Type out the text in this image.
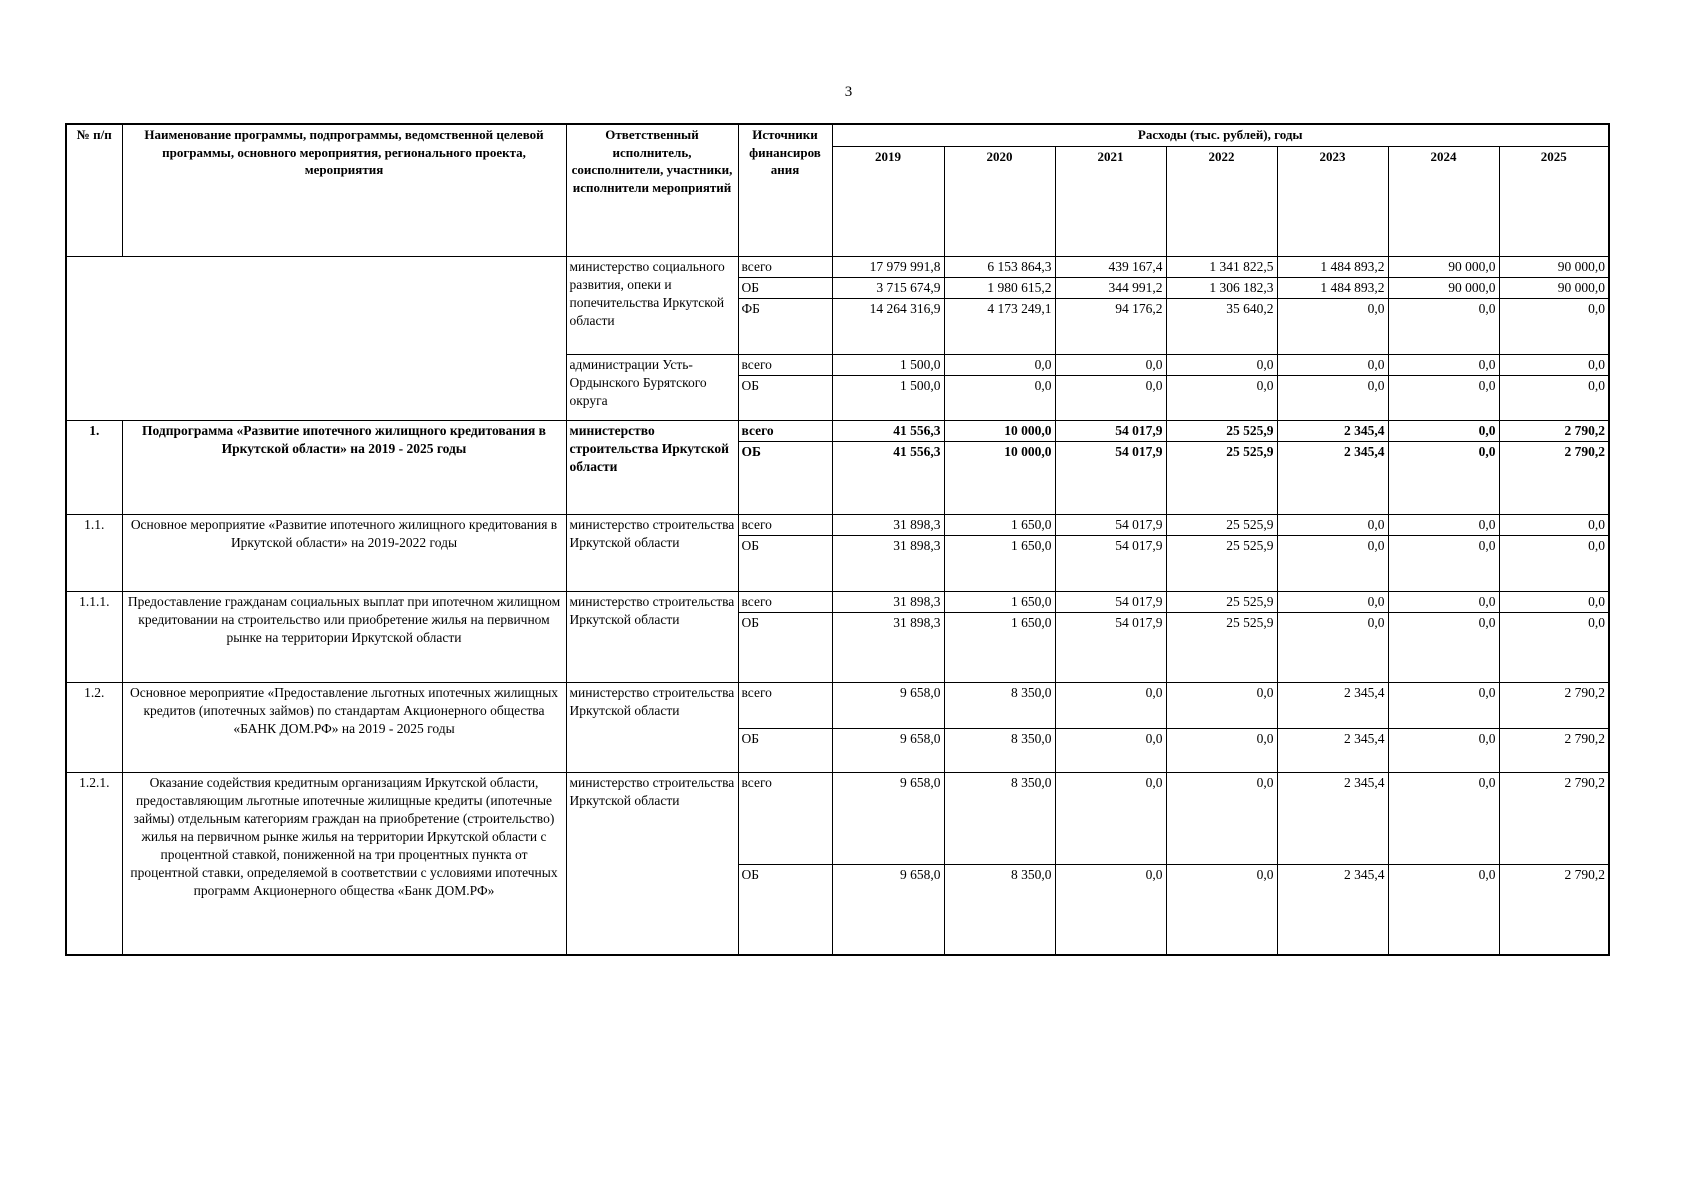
3
№ п/п	Наименование программы, подпрограммы, ведомственной целевой программы, основного мероприятия, регионального проекта, мероприятия	Ответственный исполнитель, соисполнители, участники, исполнители мероприятий	Источники финансиров ания	Расходы (тыс. рублей), годы						
				2019	2020	2021	2022	2023	2024	2025
		министерство социального развития, опеки и попечительства Иркутской области	всего	17 979 991,8	6 153 864,3	439 167,4	1 341 822,5	1 484 893,2	90 000,0	90 000,0
			ОБ	3 715 674,9	1 980 615,2	344 991,2	1 306 182,3	1 484 893,2	90 000,0	90 000,0
			ФБ	14 264 316,9	4 173 249,1	94 176,2	35 640,2	0,0	0,0	0,0
		администрации Усть-Ордынского Бурятского округа	всего	1 500,0	0,0	0,0	0,0	0,0	0,0	0,0
			ОБ	1 500,0	0,0	0,0	0,0	0,0	0,0	0,0
1.	Подпрограмма «Развитие ипотечного жилищного кредитования в Иркутской области» на 2019 - 2025 годы	министерство строительства Иркутской области	всего	41 556,3	10 000,0	54 017,9	25 525,9	2 345,4	0,0	2 790,2
			ОБ	41 556,3	10 000,0	54 017,9	25 525,9	2 345,4	0,0	2 790,2
1.1.	Основное мероприятие «Развитие ипотечного жилищного кредитования в Иркутской области» на 2019-2022 годы	министерство строительства Иркутской области	всего	31 898,3	1 650,0	54 017,9	25 525,9	0,0	0,0	0,0
			ОБ	31 898,3	1 650,0	54 017,9	25 525,9	0,0	0,0	0,0
1.1.1.	Предоставление гражданам социальных выплат при ипотечном жилищном кредитовании на строительство или приобретение жилья на первичном рынке на территории Иркутской области	министерство строительства Иркутской области	всего	31 898,3	1 650,0	54 017,9	25 525,9	0,0	0,0	0,0
			ОБ	31 898,3	1 650,0	54 017,9	25 525,9	0,0	0,0	0,0
1.2.	Основное мероприятие «Предоставление льготных ипотечных жилищных кредитов (ипотечных займов) по стандартам Акционерного общества «БАНК ДОМ.РФ» на 2019 - 2025 годы	министерство строительства Иркутской области	всего	9 658,0	8 350,0	0,0	0,0	2 345,4	0,0	2 790,2
			ОБ	9 658,0	8 350,0	0,0	0,0	2 345,4	0,0	2 790,2
1.2.1.	Оказание содействия кредитным организациям Иркутской области, предоставляющим льготные ипотечные жилищные кредиты (ипотечные займы) отдельным категориям граждан на приобретение (строительство) жилья на первичном рынке жилья на территории Иркутской области с процентной ставкой, пониженной на три процентных пункта от процентной ставки, определяемой в соответствии с условиями ипотечных программ Акционерного общества «Банк ДОМ.РФ»	министерство строительства Иркутской области	всего	9 658,0	8 350,0	0,0	0,0	2 345,4	0,0	2 790,2
			ОБ	9 658,0	8 350,0	0,0	0,0	2 345,4	0,0	2 790,2
